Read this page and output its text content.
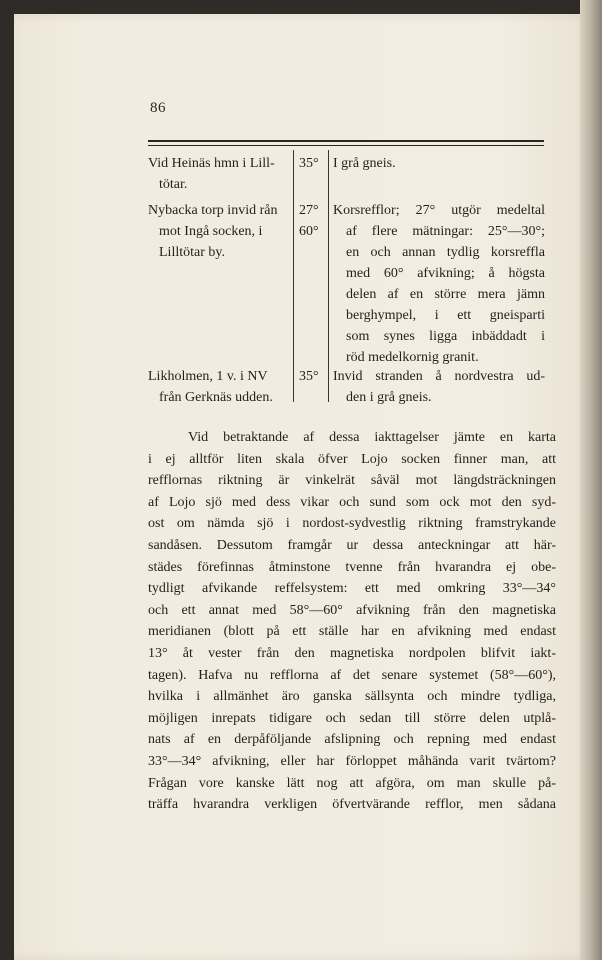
86
Vid Heinäs hmn i Lill-
tötar.
35°	I grå gneis.
Nybacka torp invid rån
mot Ingå socken, i
Lilltötar by.
27°
60°
Korsrefflor; 27° utgör medeltal
af flere mätningar: 25°—30°;
en och annan tydlig korsreffla
med 60° afvikning; å högsta
delen af en större mera jämn
berghympel, i ett gneisparti
som synes ligga inbäddadt i
röd medelkornig granit.
Likholmen, 1 v. i NV
från Gerknäs udden.
35°	Invid stranden å nordvestra ud-
den i grå gneis.
Vid betraktande af dessa iakttagelser jämte en karta
i ej alltför liten skala öfver Lojo socken finner man, att
refflornas riktning är vinkelrät såväl mot längdsträckningen
af Lojo sjö med dess vikar och sund som ock mot den syd-
ost om nämda sjö i nordost-sydvestlig riktning framstrykande
sandåsen. Dessutom framgår ur dessa anteckningar att här-
städes förefinnas åtminstone tvenne från hvarandra ej obe-
tydligt afvikande reffelsystem: ett med omkring 33°—34°
och ett annat med 58°—60° afvikning från den magnetiska
meridianen (blott på ett ställe har en afvikning med endast
13° åt vester från den magnetiska nordpolen blifvit iakt-
tagen). Hafva nu refflorna af det senare systemet (58°—60°),
hvilka i allmänhet äro ganska sällsynta och mindre tydliga,
möjligen inrepats tidigare och sedan till större delen utplå-
nats af en derpåföljande afslipning och repning med endast
33°—34° afvikning, eller har förloppet måhända varit tvärtom?
Frågan vore kanske lätt nog att afgöra, om man skulle på-
träffa hvarandra verkligen öfvertvärande refflor, men sådana
